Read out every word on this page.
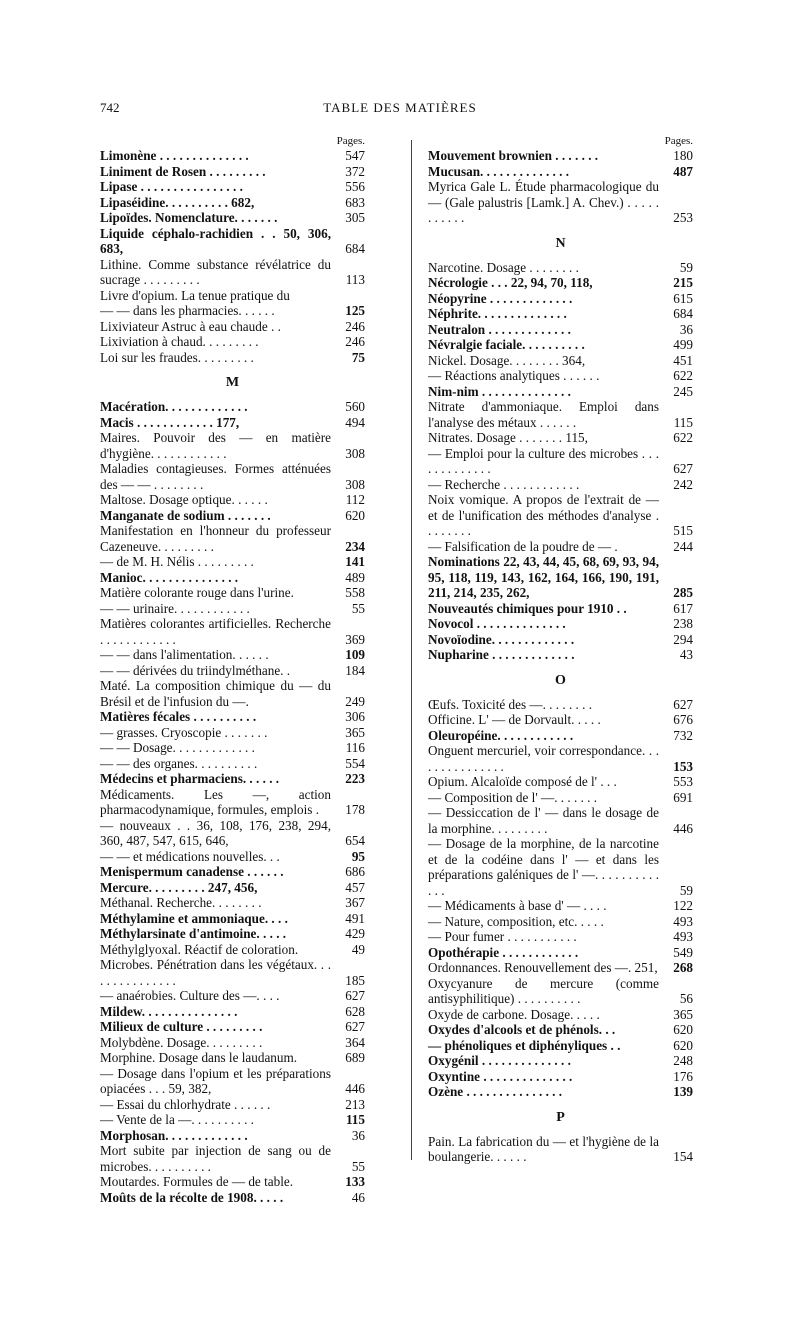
742	TABLE DES MATIÈRES
Pages.
Limonène . . . . . . . . . . . . . .	547
Liniment de Rosen . . . . . . . . .	372
Lipase . . . . . . . . . . . . . . . .	556
Lipaséidine. . . . . . . . . . 682,	683
Lipoïdes. Nomenclature. . . . . . .	305
Liquide céphalo-rachidien . . 50, 306, 683,	684
Lithine. Comme substance révélatrice du sucrage . . . . . . . . .	113
Livre d'opium. La tenue pratique du
— — dans les pharmacies. . . . . .	125
Lixiviateur Astruc à eau chaude . .	246
Lixiviation à chaud. . . . . . . . .	246
Loi sur les fraudes. . . . . . . . .	75
M
Macération. . . . . . . . . . . . .	560
Macis . . . . . . . . . . . . 177,	494
Maires. Pouvoir des — en matière d'hygiène. . . . . . . . . . . .	308
Maladies contagieuses. Formes atténuées des — — . . . . . . . .	308
Maltose. Dosage optique. . . . . .	112
Manganate de sodium . . . . . . .	620
Manifestation en l'honneur du professeur Cazeneuve. . . . . . . . .	234
— de M. H. Nélis . . . . . . . . .	141
Manioc. . . . . . . . . . . . . . .	489
Matière colorante rouge dans l'urine.	558
— — urinaire. . . . . . . . . . . .	55
Matières colorantes artificielles. Recherche . . . . . . . . . . . .	369
— — dans l'alimentation. . . . . .	109
— — dérivées du triindylméthane. .	184
Maté. La composition chimique du — du Brésil et de l'infusion du —.	249
Matières fécales . . . . . . . . . .	306
— grasses. Cryoscopie . . . . . . .	365
— — Dosage. . . . . . . . . . . . .	116
— — des organes. . . . . . . . . .	554
Médecins et pharmaciens. . . . . .	223
Médicaments. Les —, action pharmacodynamique, formules, emplois . 178
— nouveaux . . 36, 108, 176, 238, 294, 360, 487, 547, 615, 646,	654
— — et médications nouvelles. . .	95
Menispermum canadense . . . . . .	686
Mercure. . . . . . . . . 247, 456,	457
Méthanal. Recherche. . . . . . . .	367
Méthylamine et ammoniaque. . . .	491
Méthylarsinate d'antimoine. . . . .	429
Méthylglyoxal. Réactif de coloration.	49
Microbes. Pénétration dans les végétaux. . . . . . . . . . . . . . .	185
— anaérobies. Culture des —. . . .	627
Mildew. . . . . . . . . . . . . . .	628
Milieux de culture . . . . . . . . .	627
Molybdène. Dosage. . . . . . . . .	364
Morphine. Dosage dans le laudanum.	689
— Dosage dans l'opium et les préparations opiacées . . . 59, 382,	446
— Essai du chlorhydrate . . . . . .	213
— Vente de la —. . . . . . . . . .	115
Morphosan. . . . . . . . . . . . .	36
Mort subite par injection de sang ou de microbes. . . . . . . . . .	55
Moutardes. Formules de — de table.	133
Moûts de la récolte de 1908. . . . .	46
Pages.
Mouvement brownien . . . . . . .	180
Mucusan. . . . . . . . . . . . . .	487
Myrica Gale L. Étude pharmacologique du — (Gale palustris [Lamk.] A. Chev.) . . . . . . . . . . .	253
N
Narcotine. Dosage . . . . . . . .	59
Nécrologie . . . 22, 94, 70, 118,	215
Néopyrine . . . . . . . . . . . . .	615
Néphrite. . . . . . . . . . . . . .	684
Neutralon . . . . . . . . . . . . .	36
Névralgie faciale. . . . . . . . . .	499
Nickel. Dosage. . . . . . . . 364,	451
— Réactions analytiques . . . . . .	622
Nim-nim . . . . . . . . . . . . . .	245
Nitrate d'ammoniaque. Emploi dans l'analyse des métaux . . . . . .	115
Nitrates. Dosage . . . . . . . 115,	622
— Emploi pour la culture des microbes . . . . . . . . . . . . .	627
— Recherche . . . . . . . . . . . .	242
Noix vomique. A propos de l'extrait de — et de l'unification des méthodes d'analyse . . . . . . . .	515
— Falsification de la poudre de — .	244
Nominations 22, 43, 44, 45, 68, 69, 93, 94, 95, 118, 119, 143, 162, 164, 166, 190, 191, 211, 214, 235, 262,	285
Nouveautés chimiques pour 1910 . .	617
Novocol . . . . . . . . . . . . . .	238
Novoïodine. . . . . . . . . . . . .	294
Nupharine . . . . . . . . . . . . .	43
O
Œufs. Toxicité des —. . . . . . . .	627
Officine. L' — de Dorvault. . . . .	676
Oleuropéine. . . . . . . . . . . .	732
Onguent mercuriel, voir correspondance. . . . . . . . . . . . . . .	153
Opium. Alcaloïde composé de l' . . .	553
— Composition de l' —. . . . . . .	691
— Dessiccation de l' — dans le dosage de la morphine. . . . . . . . .	446
— Dosage de la morphine, de la narcotine et de la codéine dans l' — et dans les préparations galéniques de l' —. . . . . . . . . . . . .	59
— Médicaments à base d' — . . . .	122
— Nature, composition, etc. . . . .	493
— Pour fumer . . . . . . . . . . .	493
Opothérapie . . . . . . . . . . . .	549
Ordonnances. Renouvellement des —. 251, 268
Oxycyanure de mercure (comme antisyphilitique) . . . . . . . . . .	56
Oxyde de carbone. Dosage. . . . .	365
Oxydes d'alcools et de phénols. . .	620
— phénoliques et diphényliques . .	620
Oxygénil . . . . . . . . . . . . . .	248
Oxyntine . . . . . . . . . . . . . .	176
Ozène . . . . . . . . . . . . . . .	139
P
Pain. La fabrication du — et l'hygiène de la boulangerie. . . . . .	154
